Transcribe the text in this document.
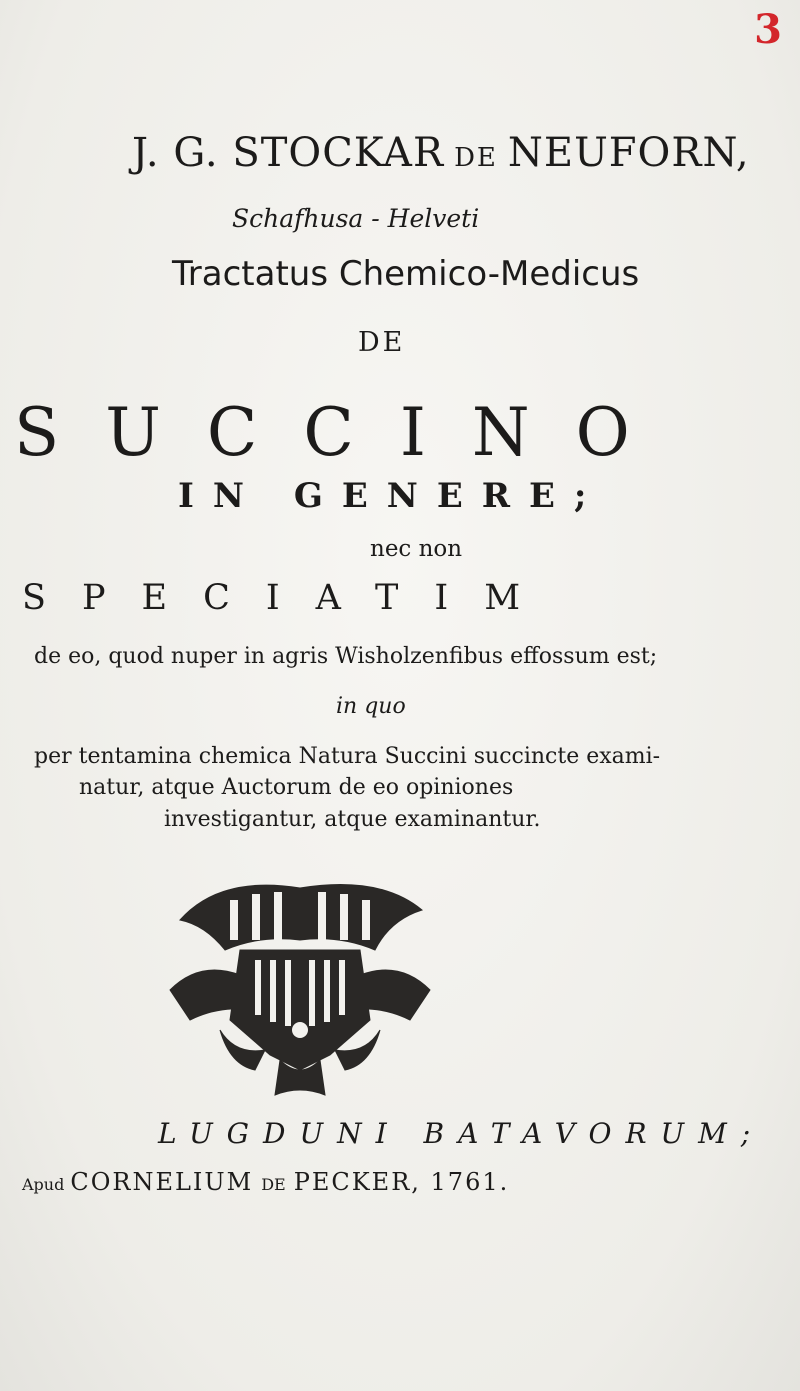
3
J. G. STOCKAR DE NEUFORN,
Schafhusa - Helveti
Tractatus Chemico-Medicus
DE
SUCCINO
IN GENERE;
nec non
SPECIATIM
de eo, quod nuper in agris Wisholzenfibus effossum est;
in quo
per tentamina chemica Natura Succini succincte exami-
natur, atque Auctorum de eo opiniones
investigantur, atque examinantur.
LUGDUNI BATAVORUM;
Apud CORNELIUM DE PECKER, 1761.
